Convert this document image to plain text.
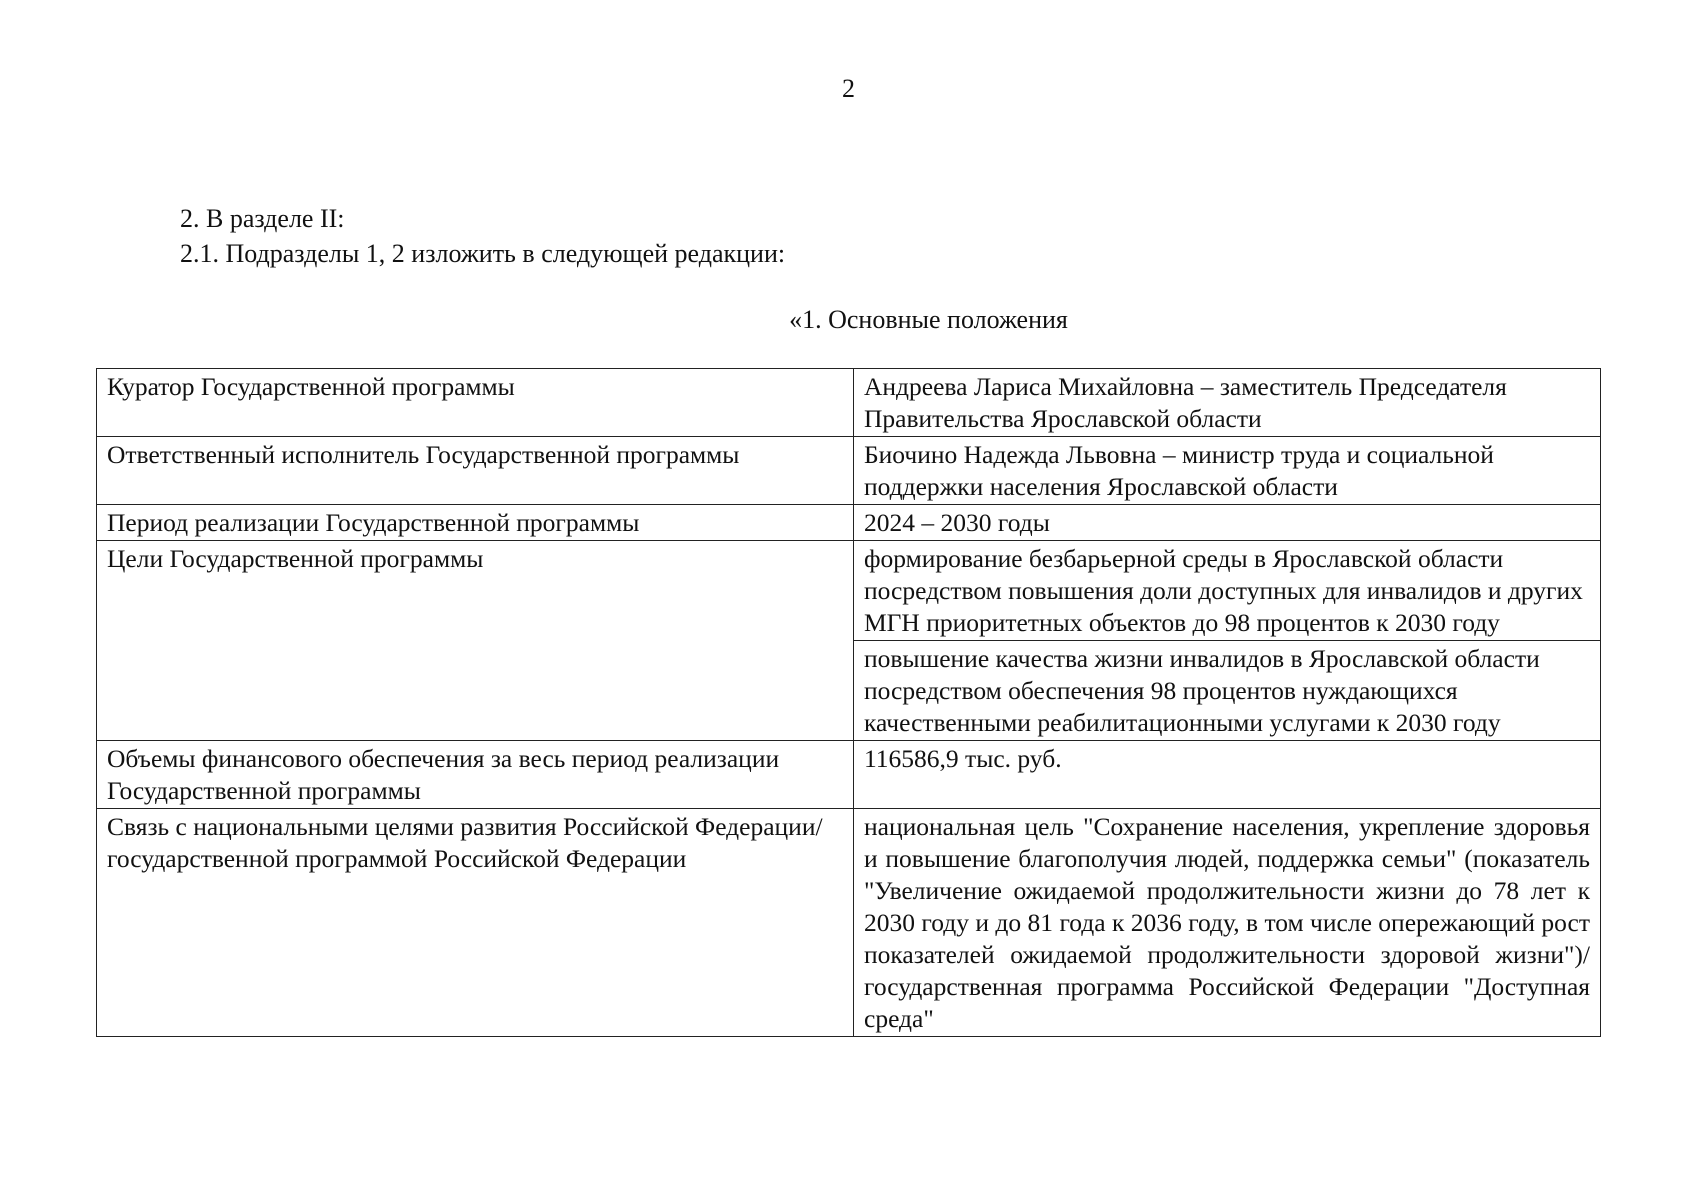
2
2. В разделе II:
2.1. Подразделы 1, 2 изложить в следующей редакции:
«1. Основные положения
Куратор Государственной программы	Андреева Лариса Михайловна – заместитель Председателя Правительства Ярославской области
Ответственный исполнитель Государственной программы	Биочино Надежда Львовна – министр труда и социальной поддержки населения Ярославской области
Период реализации Государственной программы	2024 – 2030 годы
Цели Государственной программы	формирование безбарьерной среды в Ярославской области посредством повышения доли доступных для инвалидов и других МГН приоритетных объектов до 98 процентов к 2030 году
	повышение качества жизни инвалидов в Ярославской области посредством обеспечения 98 процентов нуждающихся качественными реабилитационными услугами к 2030 году
Объемы финансового обеспечения за весь период реализации Государственной программы	116586,9 тыс. руб.
Связь с национальными целями развития Российской Федерации/ государственной программой Российской Федерации	национальная цель "Сохранение населения, укрепление здоровья и повышение благополучия людей, поддержка семьи" (показатель "Увеличение ожидаемой продолжительности жизни до 78 лет к 2030 году и до 81 года к 2036 году, в том числе опережающий рост показателей ожидаемой продолжительности здоровой жизни")/ государственная программа Российской Федерации "Доступная среда"
